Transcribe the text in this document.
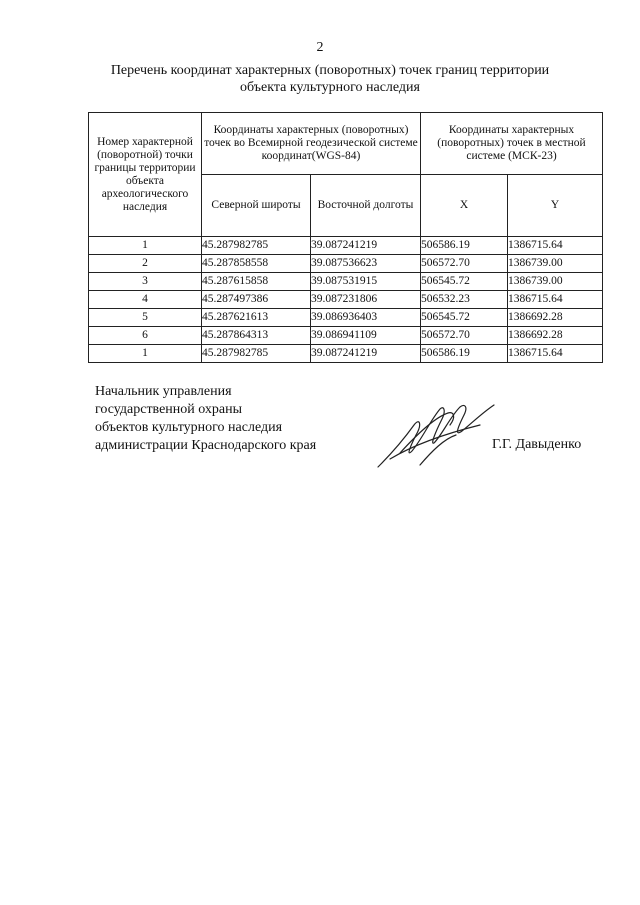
2
Перечень координат характерных (поворотных) точек границ территории
объекта культурного наследия
Номер характерной (поворотной) точки границы территории объекта археологического наследия	Координаты характерных (поворотных) точек во Всемирной геодезической системе координат(WGS-84)		Координаты характерных (поворотных) точек в местной системе (МСК-23)	
	Северной широты	Восточной долготы	X	Y
1	45.287982785	39.087241219	506586.19	1386715.64
2	45.287858558	39.087536623	506572.70	1386739.00
3	45.287615858	39.087531915	506545.72	1386739.00
4	45.287497386	39.087231806	506532.23	1386715.64
5	45.287621613	39.086936403	506545.72	1386692.28
6	45.287864313	39.086941109	506572.70	1386692.28
1	45.287982785	39.087241219	506586.19	1386715.64
Начальник управления
государственной охраны
объектов культурного наследия
администрации Краснодарского края	Г.Г. Давыденко
